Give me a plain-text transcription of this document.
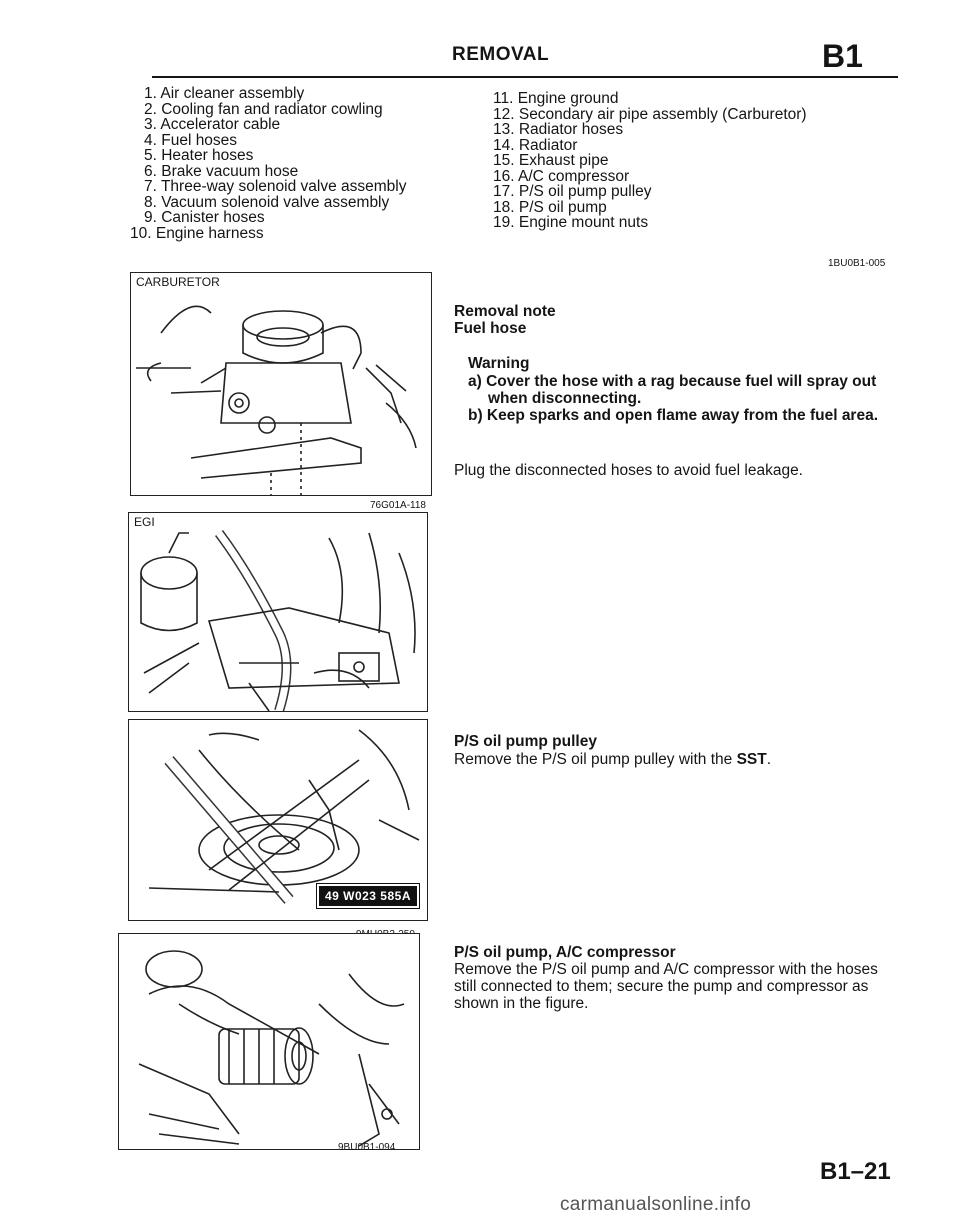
REMOVAL	B1
1. Air cleaner assembly
2. Cooling fan and radiator cowling
3. Accelerator cable
4. Fuel hoses
5. Heater hoses
6. Brake vacuum hose
7. Three-way solenoid valve assembly
8. Vacuum solenoid valve assembly
9. Canister hoses
10. Engine harness
11. Engine ground
12. Secondary air pipe assembly (Carburetor)
13. Radiator hoses
14. Radiator
15. Exhaust pipe
16. A/C compressor
17. P/S oil pump pulley
18. P/S oil pump
19. Engine mount nuts
1BU0B1-005
CARBURETOR
76G01A-118
EGI
49 W023 585A
9BU0B1-094
Removal note
Fuel hose
Warning
a) Cover the hose with a rag because fuel will spray out when disconnecting.
b) Keep sparks and open flame away from the fuel area.
Plug the disconnected hoses to avoid fuel leakage.
P/S oil pump pulley
Remove the P/S oil pump pulley with the SST.
P/S oil pump, A/C compressor
Remove the P/S oil pump and A/C compressor with the hoses still connected to them; secure the pump and compressor as shown in the figure.
B1–21
carmanualsonline.info
